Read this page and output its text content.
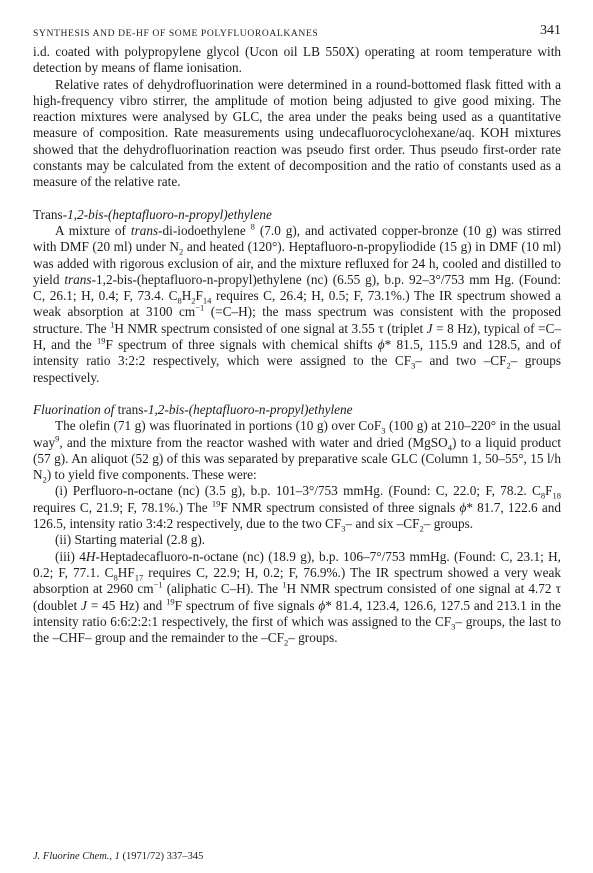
SYNTHESIS AND DE-HF OF SOME POLYFLUOROALKANES	341

i.d. coated with polypropylene glycol (Ucon oil LB 550X) operating at room temperature with detection by means of flame ionisation.

Relative rates of dehydrofluorination were determined in a round-bottomed flask fitted with a high-frequency vibro stirrer, the amplitude of motion being adjusted to give good mixing. The reaction mixtures were analysed by GLC, the area under the peaks being used as a quantitative measure of composition. Rate measurements using undecafluorocyclohexane/aq. KOH mixtures showed that the dehydrofluorination reaction was pseudo first order. Thus pseudo first-order rate constants may be calculated from the extent of decomposition and the ratio of constants used as a measure of the relative rate.

Trans-1,2-bis-(heptafluoro-n-propyl)ethylene

A mixture of trans-di-iodoethylene $^8$ (7.0 g), and activated copper-bronze (10 g) was stirred with DMF (20 ml) under $N_2$ and heated (120°). Heptafluoro-n-propyliodide (15 g) in DMF (10 ml) was added with rigorous exclusion of air, and the mixture refluxed for 24 h, cooled and distilled to yield trans-1,2-bis-(heptafluoro-n-propyl)ethylene (nc) (6.55 g), b.p. 92–3°/753 mm Hg. (Found: C, 26.1; H, 0.4; F, 73.4. $C_8H_2F_{14}$ requires C, 26.4; H, 0.5; F, 73.1%.) The IR spectrum showed a weak absorption at 3100 $cm^{-1}$ (=C–H); the mass spectrum was consistent with the proposed structure. The $^1$H NMR spectrum consisted of one signal at 3.55 τ (triplet J = 8 Hz), typical of =C–H, and the $^{19}$F spectrum of three signals with chemical shifts ϕ* 81.5, 115.9 and 128.5, and of intensity ratio 3:2:2 respectively, which were assigned to the $CF_3-$ and two $-CF_2-$ groups respectively.

Fluorination of trans-1,2-bis-(heptafluoro-n-propyl)ethylene

The olefin (71 g) was fluorinated in portions (10 g) over CoF$_3$ (100 g) at 210–220° in the usual way$^9$, and the mixture from the reactor washed with water and dried (MgSO$_4$) to a liquid product (57 g). An aliquot (52 g) of this was separated by preparative scale GLC (Column 1, 50–55°, 15 l/h $N_2$) to yield five components. These were:

(i) Perfluoro-n-octane (nc) (3.5 g), b.p. 101–3°/753 mmHg. (Found: C, 22.0; F, 78.2. $C_8F_{18}$ requires C, 21.9; F, 78.1%.) The $^{19}$F NMR spectrum consisted of three signals ϕ* 81.7, 122.6 and 126.5, intensity ratio 3:4:2 respectively, due to the two $CF_3-$ and six $-CF_2-$ groups.

(ii) Starting material (2.8 g).

(iii) 4H-Heptadecafluoro-n-octane (nc) (18.9 g), b.p. 106–7°/753 mmHg. (Found: C, 23.1; H, 0.2; F, 77.1. $C_8HF_{17}$ requires C, 22.9; H, 0.2; F, 76.9%.) The IR spectrum showed a very weak absorption at 2960 $cm^{-1}$ (aliphatic C–H). The $^1$H NMR spectrum consisted of one signal at 4.72 τ (doublet J = 45 Hz) and $^{19}$F spectrum of five signals ϕ* 81.4, 123.4, 126.6, 127.5 and 213.1 in the intensity ratio 6:6:2:2:1 respectively, the first of which was assigned to the $CF_3-$ groups, the last to the –CHF– group and the remainder to the $-CF_2-$ groups.

J. Fluorine Chem., 1 (1971/72) 337–345
